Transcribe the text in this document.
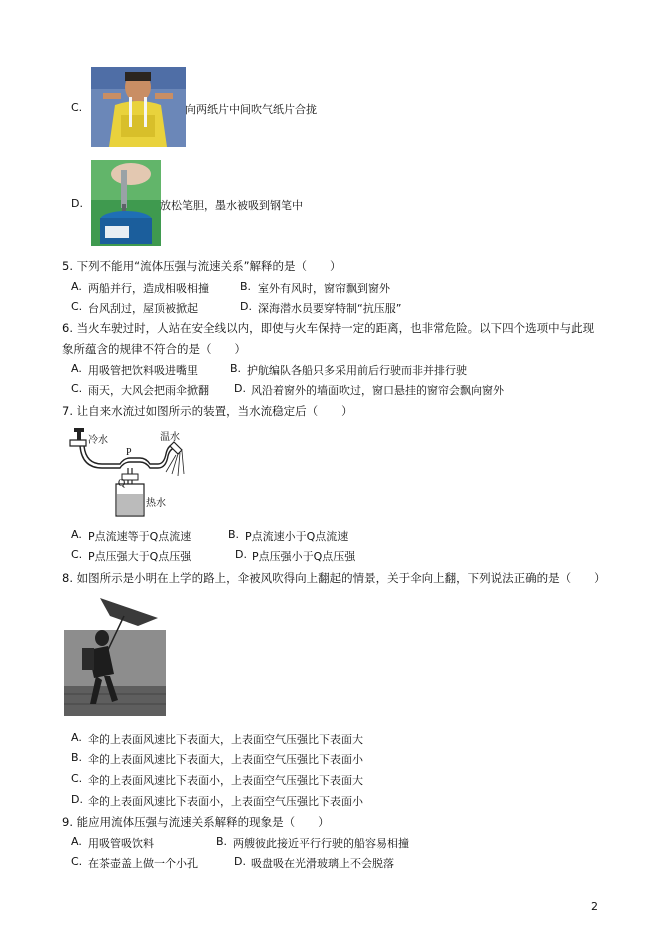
C.	向两纸片中间吹气纸片合拢
D.	放松笔胆，墨水被吸到钢笔中
5. 下列不能用“流体压强与流速关系”解释的是（　　）
A. 两船并行，造成相吸相撞	B. 室外有风时，窗帘飘到窗外
C. 台风刮过，屋顶被掀起	D. 深海潜水员要穿特制“抗压服”
6. 当火车驶过时，人站在安全线以内，即使与火车保持一定的距离，也非常危险。以下四个选项中与此现
象所蕴含的规律不符合的是（　　）
A. 用吸管把饮料吸进嘴里	B. 护航编队各船只多采用前后行驶而非并排行驶
C. 雨天，大风会把雨伞掀翻 D. 风沿着窗外的墙面吹过，窗口悬挂的窗帘会飘向窗外
7. 让自来水流过如图所示的装置，当水流稳定后（　　）
冷水	温水
P
Q
热水
A. P点流速等于Q点流速	B. P点流速小于Q点流速
C. P点压强大于Q点压强	D. P点压强小于Q点压强
8. 如图所示是小明在上学的路上，伞被风吹得向上翻起的情景，关于伞向上翻，下列说法正确的是（　　）
A. 伞的上表面风速比下表面大，上表面空气压强比下表面大
B. 伞的上表面风速比下表面大，上表面空气压强比下表面小
C. 伞的上表面风速比下表面小，上表面空气压强比下表面大
D. 伞的上表面风速比下表面小，上表面空气压强比下表面小
9. 能应用流体压强与流速关系解释的现象是（　　）
A. 用吸管吸饮料	B. 两艘彼此接近平行行驶的船容易相撞
C. 在茶壶盖上做一个小孔	D. 吸盘吸在光滑玻璃上不会脱落
2
